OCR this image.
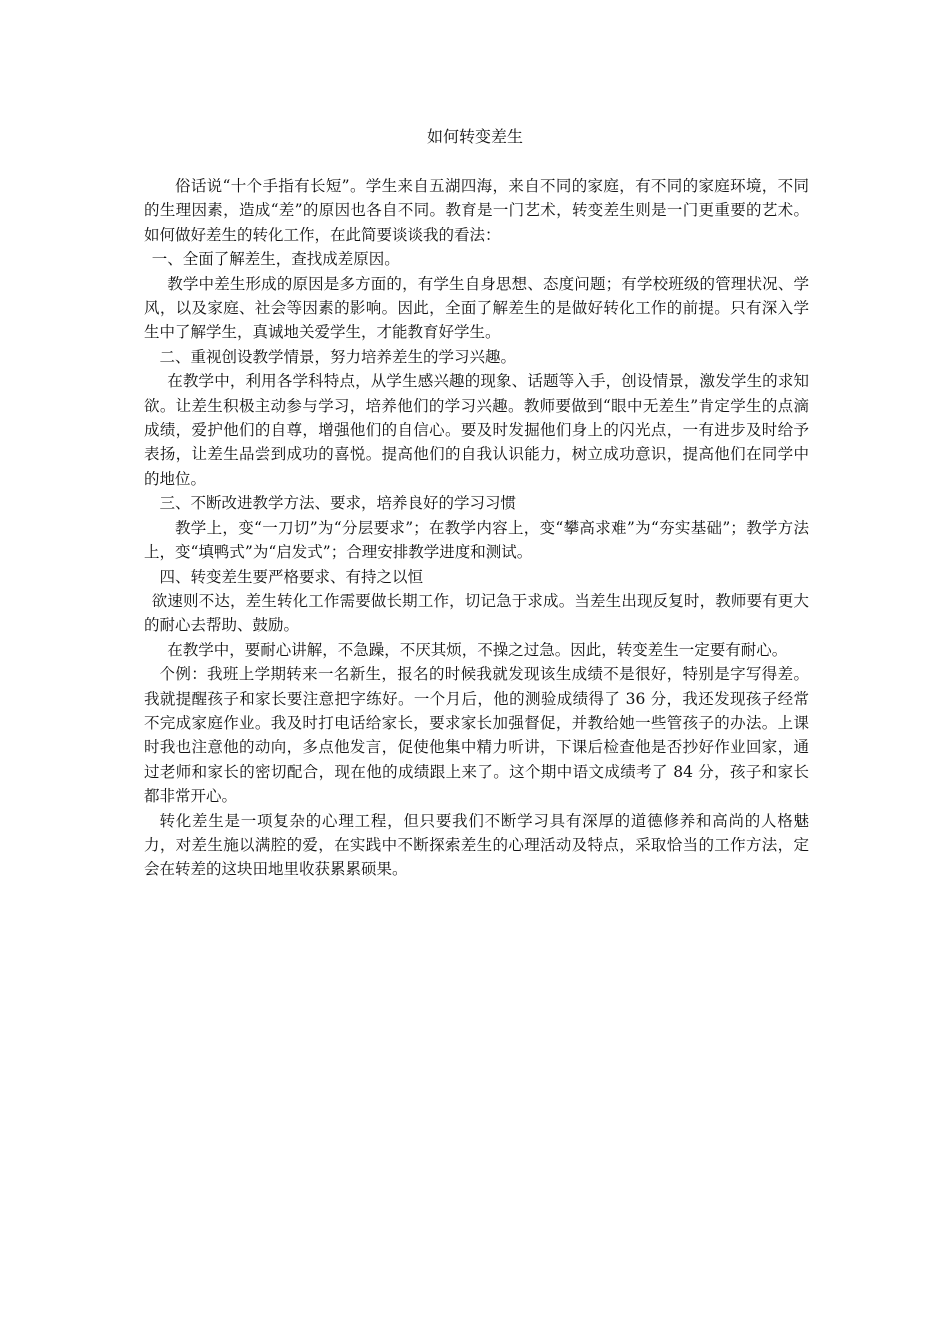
如何转变差生

俗话说“十个手指有长短”。学生来自五湖四海，来自不同的家庭，有不同的家庭环境，不同的生理因素，造成“差”的原因也各自不同。教育是一门艺术，转变差生则是一门更重要的艺术。如何做好差生的转化工作，在此简要谈谈我的看法：

一、全面了解差生，查找成差原因。

教学中差生形成的原因是多方面的，有学生自身思想、态度问题；有学校班级的管理状况、学风，以及家庭、社会等因素的影响。因此，全面了解差生的是做好转化工作的前提。只有深入学生中了解学生，真诚地关爱学生，才能教育好学生。

二、重视创设教学情景，努力培养差生的学习兴趣。

在教学中，利用各学科特点，从学生感兴趣的现象、话题等入手，创设情景，激发学生的求知欲。让差生积极主动参与学习，培养他们的学习兴趣。教师要做到“眼中无差生”肯定学生的点滴成绩，爱护他们的自尊，增强他们的自信心。要及时发掘他们身上的闪光点，一有进步及时给予表扬，让差生品尝到成功的喜悦。提高他们的自我认识能力，树立成功意识，提高他们在同学中的地位。

三、不断改进教学方法、要求，培养良好的学习习惯

教学上，变“一刀切”为“分层要求”；在教学内容上，变“攀高求难”为“夯实基础”；教学方法上，变“填鸭式”为“启发式”；合理安排教学进度和测试。

四、转变差生要严格要求、有持之以恒

欲速则不达，差生转化工作需要做长期工作，切记急于求成。当差生出现反复时，教师要有更大的耐心去帮助、鼓励。

在教学中，要耐心讲解，不急躁，不厌其烦，不操之过急。因此，转变差生一定要有耐心。

个例：我班上学期转来一名新生，报名的时候我就发现该生成绩不是很好，特别是字写得差。我就提醒孩子和家长要注意把字练好。一个月后，他的测验成绩得了 36 分，我还发现孩子经常不完成家庭作业。我及时打电话给家长，要求家长加强督促，并教给她一些管孩子的办法。上课时我也注意他的动向，多点他发言，促使他集中精力听讲，下课后检查他是否抄好作业回家，通过老师和家长的密切配合，现在他的成绩跟上来了。这个期中语文成绩考了 84 分，孩子和家长都非常开心。

转化差生是一项复杂的心理工程，但只要我们不断学习具有深厚的道德修养和高尚的人格魅力，对差生施以满腔的爱，在实践中不断探索差生的心理活动及特点，采取恰当的工作方法，定会在转差的这块田地里收获累累硕果。
